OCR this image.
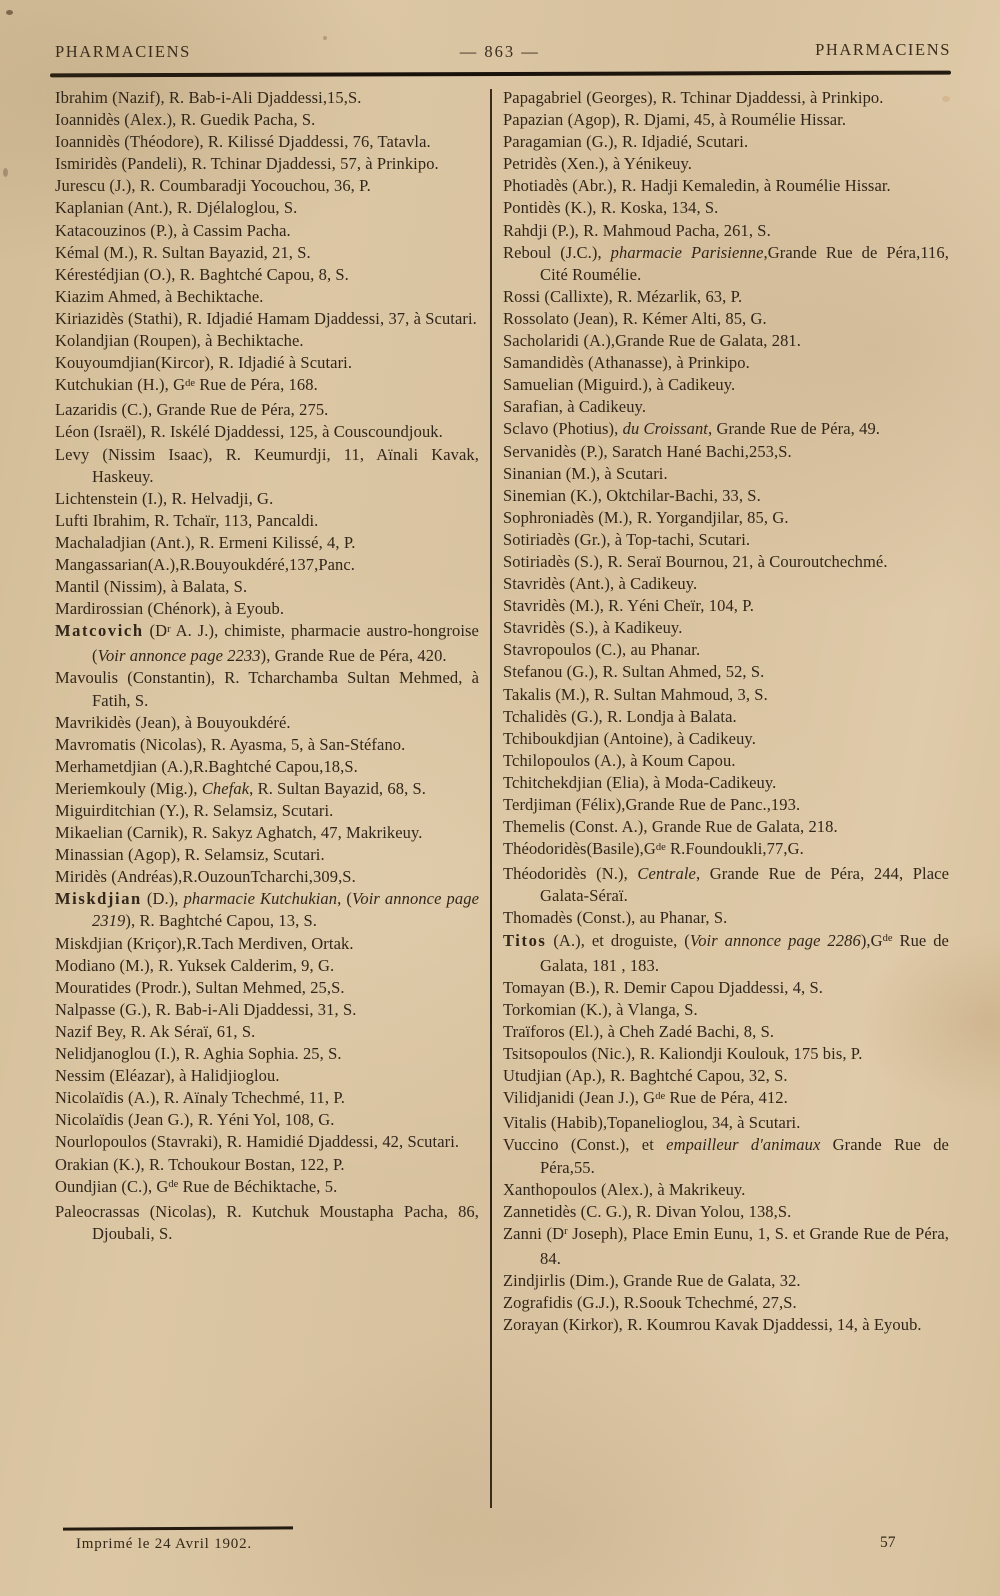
PHARMACIENS	— 863 —	PHARMACIENS
Ibrahim (Nazif), R. Bab-i-Ali Djaddessi,15,S.
Ioannidès (Alex.), R. Guedik Pacha, S.
Ioannidès (Théodore), R. Kilissé Djaddessi, 76, Tatavla.
Ismiridès (Pandeli), R. Tchinar Djaddessi, 57, à Prinkipo.
Jurescu (J.), R. Coumbaradji Yocouchou, 36, P.
Kaplanian (Ant.), R. Djélaloglou, S.
Katacouzinos (P.), à Cassim Pacha.
Kémal (M.), R. Sultan Bayazid, 21, S.
Kérestédjian (O.), R. Baghtché Capou, 8, S.
Kiazim Ahmed, à Bechiktache.
Kiriazidès (Stathi), R. Idjadié Hamam Djaddessi, 37, à Scutari.
Kolandjian (Roupen), à Bechiktache.
Kouyoumdjian(Kircor), R. Idjadié à Scutari.
Kutchukian (H.), $G^{de}$ Rue de Péra, 168.
Lazaridis (C.), Grande Rue de Péra, 275.
Léon (Israël), R. Iskélé Djaddessi, 125, à Couscoundjouk.
Levy (Nissim Isaac), R. Keumurdji, 11, Aïnali Kavak, Haskeuy.
Lichtenstein (I.), R. Helvadji, G.
Lufti Ibrahim, R. Tchaïr, 113, Pancaldi.
Machaladjian (Ant.), R. Ermeni Kilissé, 4, P.
Mangassarian(A.),R.Bouyoukdéré,137,Panc.
Mantil (Nissim), à Balata, S.
Mardirossian (Chénork), à Eyoub.
Matcovich ($D^r$ A. J.), chimiste, pharmacie austro-hongroise (Voir annonce page 2233), Grande Rue de Péra, 420.
Mavoulis (Constantin), R. Tcharchamba Sultan Mehmed, à Fatih, S.
Mavrikidès (Jean), à Bouyoukdéré.
Mavromatis (Nicolas), R. Ayasma, 5, à San-Stéfano.
Merhametdjian (A.),R.Baghtché Capou,18,S.
Meriemkouly (Mig.), Chefak, R. Sultan Bayazid, 68, S.
Miguirditchian (Y.), R. Selamsiz, Scutari.
Mikaelian (Carnik), R. Sakyz Aghatch, 47, Makrikeuy.
Minassian (Agop), R. Selamsiz, Scutari.
Miridès (Andréas),R.OuzounTcharchi,309,S.
Miskdjian (D.), pharmacie Kutchukian, (Voir annonce page 2319), R. Baghtché Capou, 13, S.
Miskdjian (Kriçor),R.Tach Merdiven, Ortak.
Modiano (M.), R. Yuksek Calderim, 9, G.
Mouratides (Prodr.), Sultan Mehmed, 25,S.
Nalpasse (G.), R. Bab-i-Ali Djaddessi, 31, S.
Nazif Bey, R. Ak Séraï, 61, S.
Nelidjanoglou (I.), R. Aghia Sophia. 25, S.
Nessim (Eléazar), à Halidjioglou.
Nicolaïdis (A.), R. Aïnaly Tchechmé, 11, P.
Nicolaïdis (Jean G.), R. Yéni Yol, 108, G.
Nourlopoulos (Stavraki), R. Hamidié Djaddessi, 42, Scutari.
Orakian (K.), R. Tchoukour Bostan, 122, P.
Oundjian (C.), $G^{de}$ Rue de Béchiktache, 5.
Paleocrassas (Nicolas), R. Kutchuk Moustapha Pacha, 86, Djoubali, S.
Papagabriel (Georges), R. Tchinar Djaddessi, à Prinkipo.
Papazian (Agop), R. Djami, 45, à Roumélie Hissar.
Paragamian (G.), R. Idjadié, Scutari.
Petridès (Xen.), à Yénikeuy.
Photiadès (Abr.), R. Hadji Kemaledin, à Roumélie Hissar.
Pontidès (K.), R. Koska, 134, S.
Rahdji (P.), R. Mahmoud Pacha, 261, S.
Reboul (J.C.), pharmacie Parisienne,Grande Rue de Péra,116, Cité Roumélie.
Rossi (Callixte), R. Mézarlik, 63, P.
Rossolato (Jean), R. Kémer Alti, 85, G.
Sacholaridi (A.),Grande Rue de Galata, 281.
Samandidès (Athanasse), à Prinkipo.
Samuelian (Miguird.), à Cadikeuy.
Sarafian, à Cadikeuy.
Sclavo (Photius), du Croissant, Grande Rue de Péra, 49.
Servanidès (P.), Saratch Hané Bachi,253,S.
Sinanian (M.), à Scutari.
Sinemian (K.), Oktchilar-Bachi, 33, S.
Sophroniadès (M.), R. Yorgandjilar, 85, G.
Sotiriadès (Gr.), à Top-tachi, Scutari.
Sotiriadès (S.), R. Seraï Bournou, 21, à Couroutchechmé.
Stavridès (Ant.), à Cadikeuy.
Stavridès (M.), R. Yéni Cheïr, 104, P.
Stavridès (S.), à Kadikeuy.
Stavropoulos (C.), au Phanar.
Stefanou (G.), R. Sultan Ahmed, 52, S.
Takalis (M.), R. Sultan Mahmoud, 3, S.
Tchalidès (G.), R. Londja à Balata.
Tchiboukdjian (Antoine), à Cadikeuy.
Tchilopoulos (A.), à Koum Capou.
Tchitchekdjian (Elia), à Moda-Cadikeuy.
Terdjiman (Félix),Grande Rue de Panc.,193.
Themelis (Const. A.), Grande Rue de Galata, 218.
$Théodoridès(Basile),G^{de}$ R.Foundoukli,77,G.
Théodoridès (N.), Centrale, Grande Rue de Péra, 244, Place Galata-Séraï.
Thomadès (Const.), au Phanar, S.
Titos (A.), et droguiste, (Voir annonce page $2286),G^{de}$ Rue de Galata, 181 , 183.
Tomayan (B.), R. Demir Capou Djaddessi, 4, S.
Torkomian (K.), à Vlanga, S.
Traïforos (El.), à Cheh Zadé Bachi, 8, S.
Tsitsopoulos (Nic.), R. Kaliondji Koulouk, 175 bis, P.
Utudjian (Ap.), R. Baghtché Capou, 32, S.
Vilidjanidi (Jean J.), $G^{de}$ Rue de Péra, 412.
Vitalis (Habib),Topanelioglou, 34, à Scutari.
Vuccino (Const.), et empailleur d'animaux Grande Rue de Péra,55.
Xanthopoulos (Alex.), à Makrikeuy.
Zannetidès (C. G.), R. Divan Yolou, 138,S.
Zanni ($D^r$ Joseph), Place Emin Eunu, 1, S. et Grande Rue de Péra, 84.
Zindjirlis (Dim.), Grande Rue de Galata, 32.
Zografidis (G.J.), R.Soouk Tchechmé, 27,S.
Zorayan (Kirkor), R. Koumrou Kavak Djaddessi, 14, à Eyoub.
Imprimé le 24 Avril 1902.	57
